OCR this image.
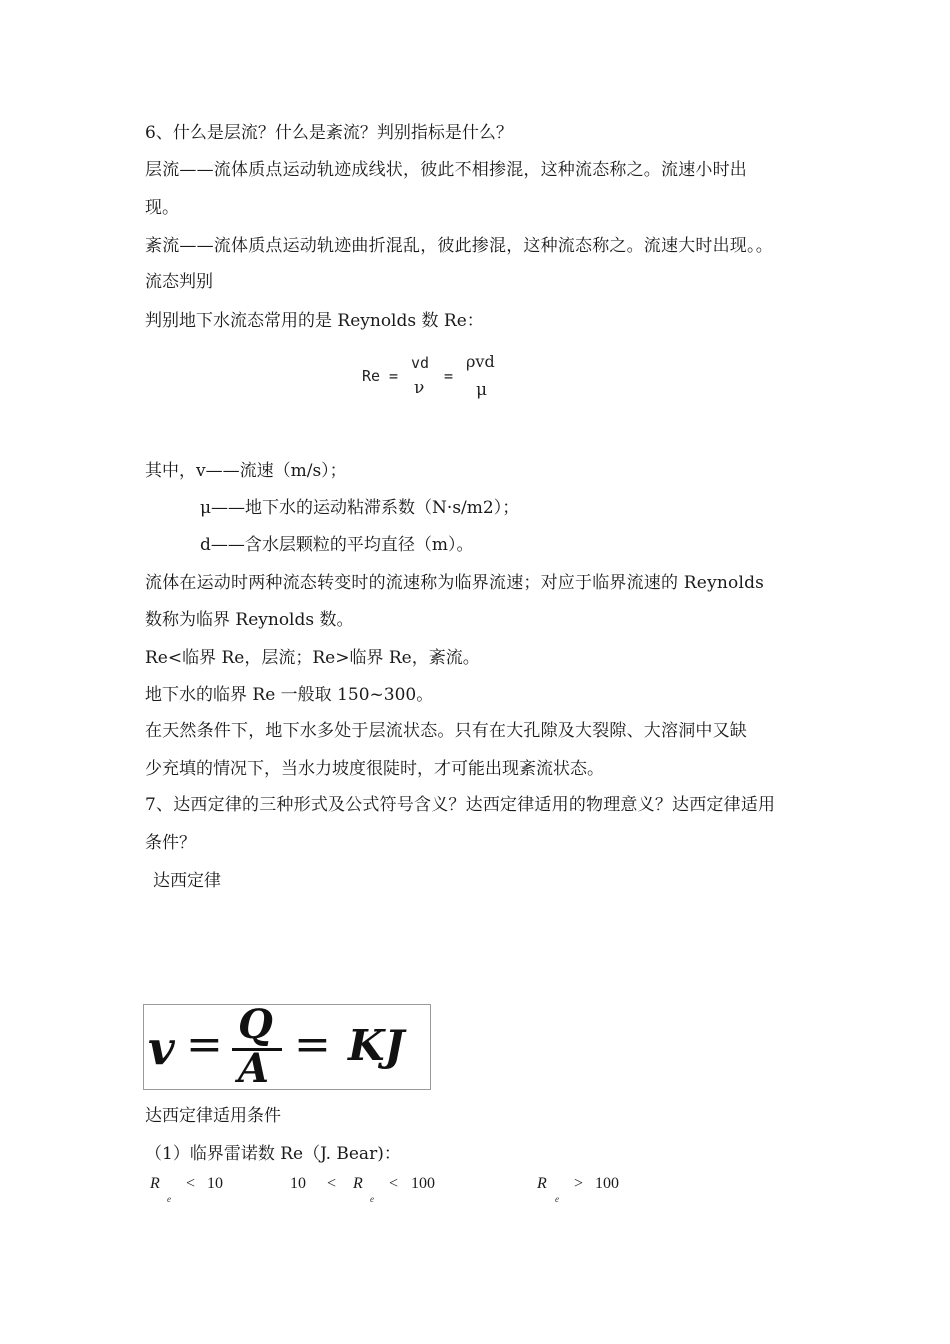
6、什么是层流？什么是紊流？判别指标是什么？
层流——流体质点运动轨迹成线状，彼此不相掺混，这种流态称之。流速小时出
现。
紊流——流体质点运动轨迹曲折混乱，彼此掺混，这种流态称之。流速大时出现。。
流态判别
判别地下水流态常用的是 Reynolds 数 Re：
Re =
vd
ν
=
ρvd
μ
其中，v——流速（m/s）；
μ——地下水的运动粘滞系数（N·s/m2）；
d——含水层颗粒的平均直径（m）。
流体在运动时两种流态转变时的流速称为临界流速；对应于临界流速的 Reynolds
数称为临界 Reynolds 数。
Re<临界 Re，层流；Re>临界 Re，紊流。
地下水的临界 Re 一般取 150~300。
在天然条件下，地下水多处于层流状态。只有在大孔隙及大裂隙、大溶洞中又缺
少充填的情况下，当水力坡度很陡时，才可能出现紊流状态。
7、达西定律的三种形式及公式符号含义？达西定律适用的物理意义？达西定律适用
条件？
达西定律
v = Q
A = KJ
达西定律适用条件
（1）临界雷诺数 Re（J. Bear)：
R
e
< 10	10 < R
e
< 100	R
e
> 100
